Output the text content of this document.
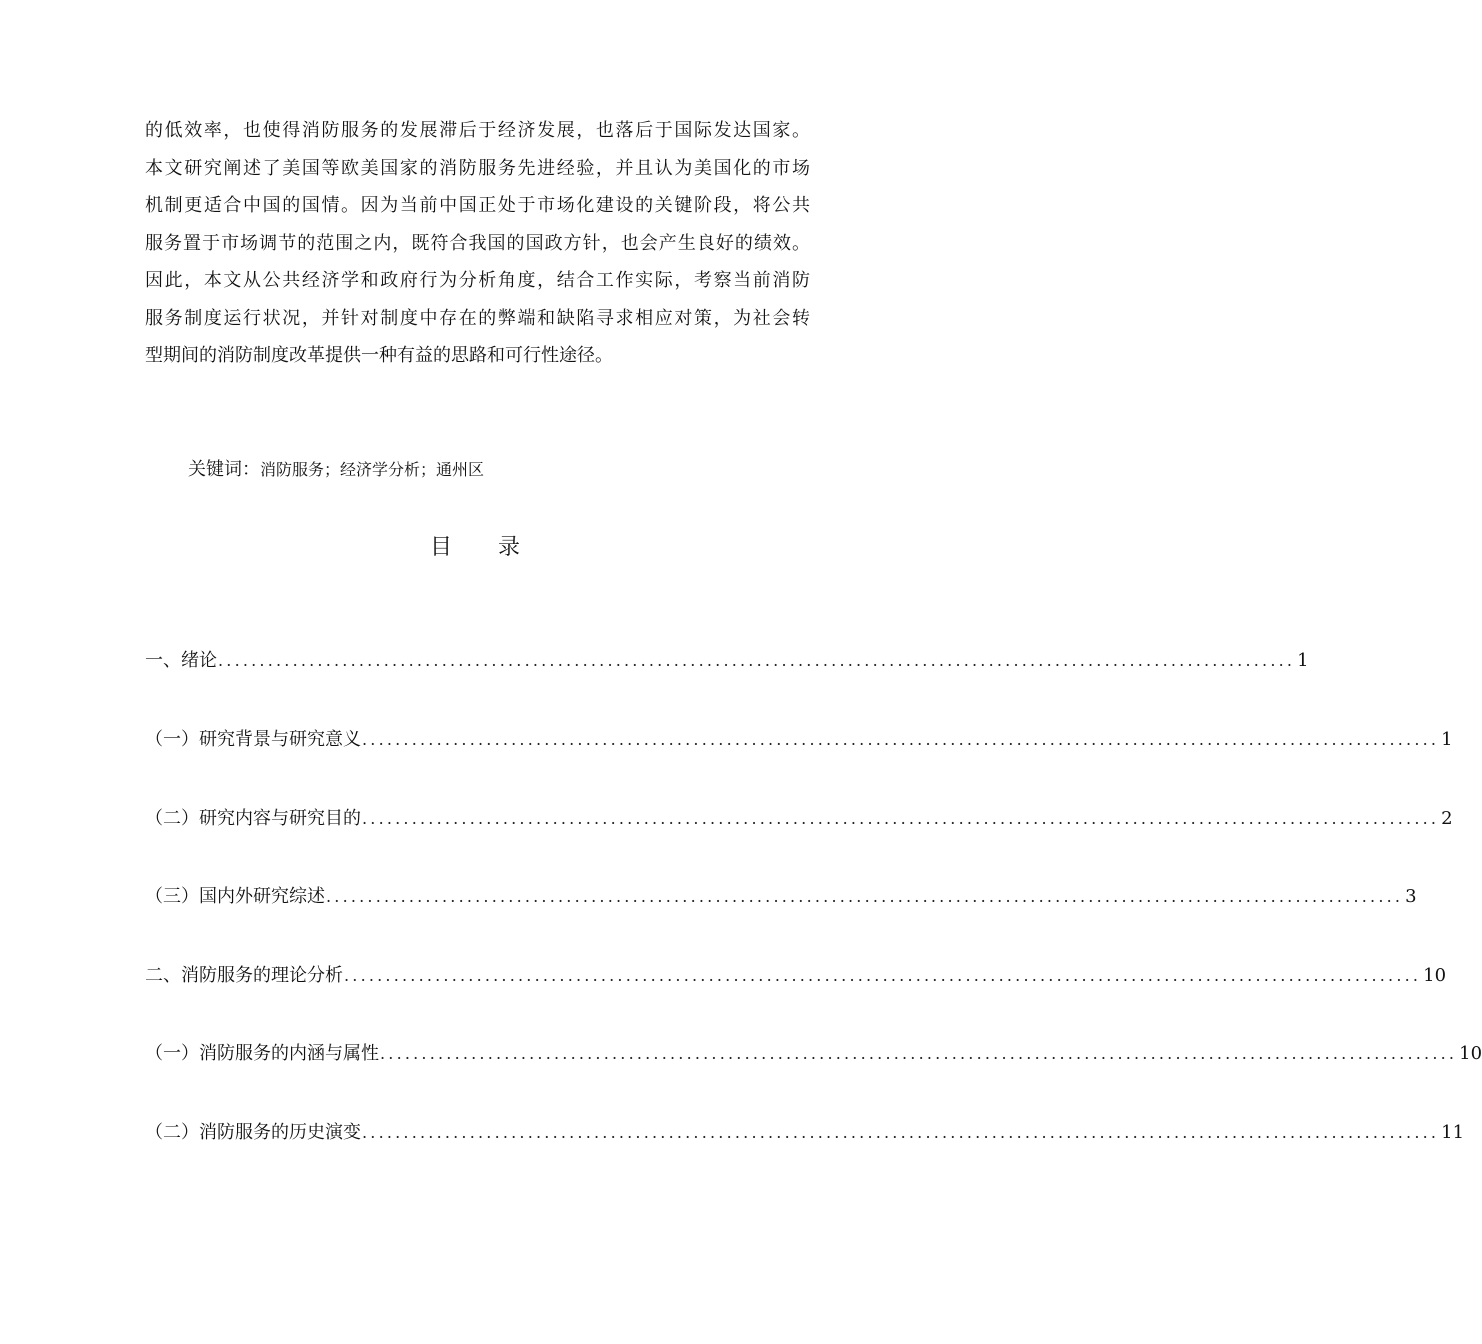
的低效率，也使得消防服务的发展滞后于经济发展，也落后于国际发达国家。
本文研究阐述了美国等欧美国家的消防服务先进经验，并且认为美国化的市场
机制更适合中国的国情。因为当前中国正处于市场化建设的关键阶段，将公共
服务置于市场调节的范围之内，既符合我国的国政方针，也会产生良好的绩效。
因此，本文从公共经济学和政府行为分析角度，结合工作实际，考察当前消防
服务制度运行状况，并针对制度中存在的弊端和缺陷寻求相应对策，为社会转
型期间的消防制度改革提供一种有益的思路和可行性途径。
关键词：消防服务；经济学分析；通州区
目录
一、绪论 .................................................................................................................................. 1
（一）研究背景与研究意义 .................................................................................................................................. 1
（二）研究内容与研究目的 .................................................................................................................................. 2
（三）国内外研究综述 .................................................................................................................................. 3
二、消防服务的理论分析 .................................................................................................................................. 10
（一）消防服务的内涵与属性 .................................................................................................................................. 10
（二）消防服务的历史演变 .................................................................................................................................. 11
